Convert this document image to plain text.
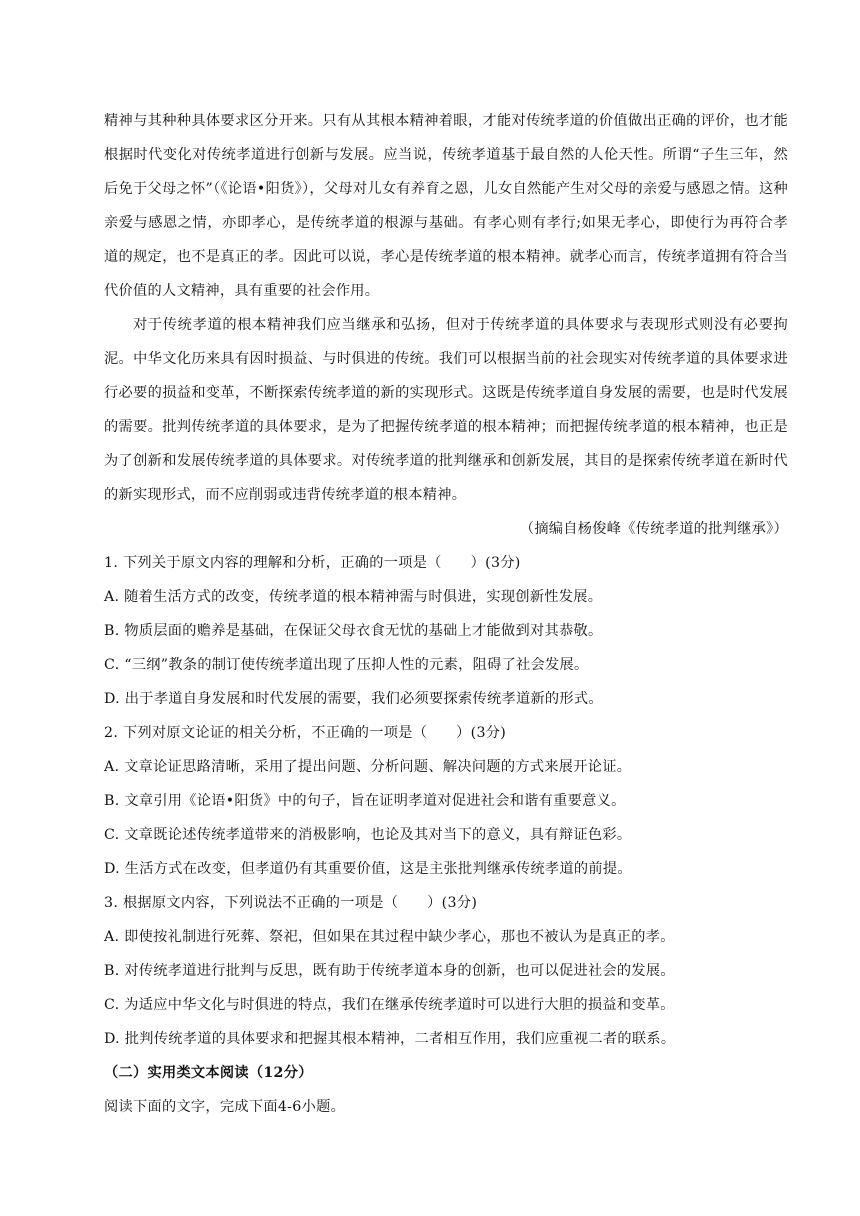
精神与其种种具体要求区分开来。只有从其根本精神着眼，才能对传统孝道的价值做出正确的评价，也才能根据时代变化对传统孝道进行创新与发展。应当说，传统孝道基于最自然的人伦天性。所谓“子生三年，然后免于父母之怀”（《论语•阳货》），父母对儿女有养育之恩，儿女自然能产生对父母的亲爱与感恩之情。这种亲爱与感恩之情，亦即孝心，是传统孝道的根源与基础。有孝心则有孝行;如果无孝心，即使行为再符合孝道的规定，也不是真正的孝。因此可以说，孝心是传统孝道的根本精神。就孝心而言，传统孝道拥有符合当代价值的人文精神，具有重要的社会作用。

对于传统孝道的根本精神我们应当继承和弘扬，但对于传统孝道的具体要求与表现形式则没有必要拘泥。中华文化历来具有因时损益、与时俱进的传统。我们可以根据当前的社会现实对传统孝道的具体要求进行必要的损益和变革，不断探索传统孝道的新的实现形式。这既是传统孝道自身发展的需要，也是时代发展的需要。批判传统孝道的具体要求，是为了把握传统孝道的根本精神；而把握传统孝道的根本精神，也正是为了创新和发展传统孝道的具体要求。对传统孝道的批判继承和创新发展，其目的是探索传统孝道在新时代的新实现形式，而不应削弱或违背传统孝道的根本精神。

（摘编自杨俊峰《传统孝道的批判继承》）

1. 下列关于原文内容的理解和分析，正确的一项是（　　）(3分)

A. 随着生活方式的改变，传统孝道的根本精神需与时俱进，实现创新性发展。

B. 物质层面的赡养是基础，在保证父母衣食无忧的基础上才能做到对其恭敬。

C. “三纲”教条的制订使传统孝道出现了压抑人性的元素，阻碍了社会发展。

D. 出于孝道自身发展和时代发展的需要，我们必须要探索传统孝道新的形式。

2. 下列对原文论证的相关分析，不正确的一项是（　　）(3分)

A. 文章论证思路清晰，采用了提出问题、分析问题、解决问题的方式来展开论证。

B. 文章引用《论语•阳货》中的句子，旨在证明孝道对促进社会和谐有重要意义。

C. 文章既论述传统孝道带来的消极影响，也论及其对当下的意义，具有辩证色彩。

D. 生活方式在改变，但孝道仍有其重要价值，这是主张批判继承传统孝道的前提。

3. 根据原文内容，下列说法不正确的一项是（　　）(3分)

A. 即使按礼制进行死葬、祭祀，但如果在其过程中缺少孝心，那也不被认为是真正的孝。

B. 对传统孝道进行批判与反思，既有助于传统孝道本身的创新，也可以促进社会的发展。

C. 为适应中华文化与时俱进的特点，我们在继承传统孝道时可以进行大胆的损益和变革。

D. 批判传统孝道的具体要求和把握其根本精神，二者相互作用，我们应重视二者的联系。

（二）实用类文本阅读（12分）

阅读下面的文字，完成下面4-6小题。
